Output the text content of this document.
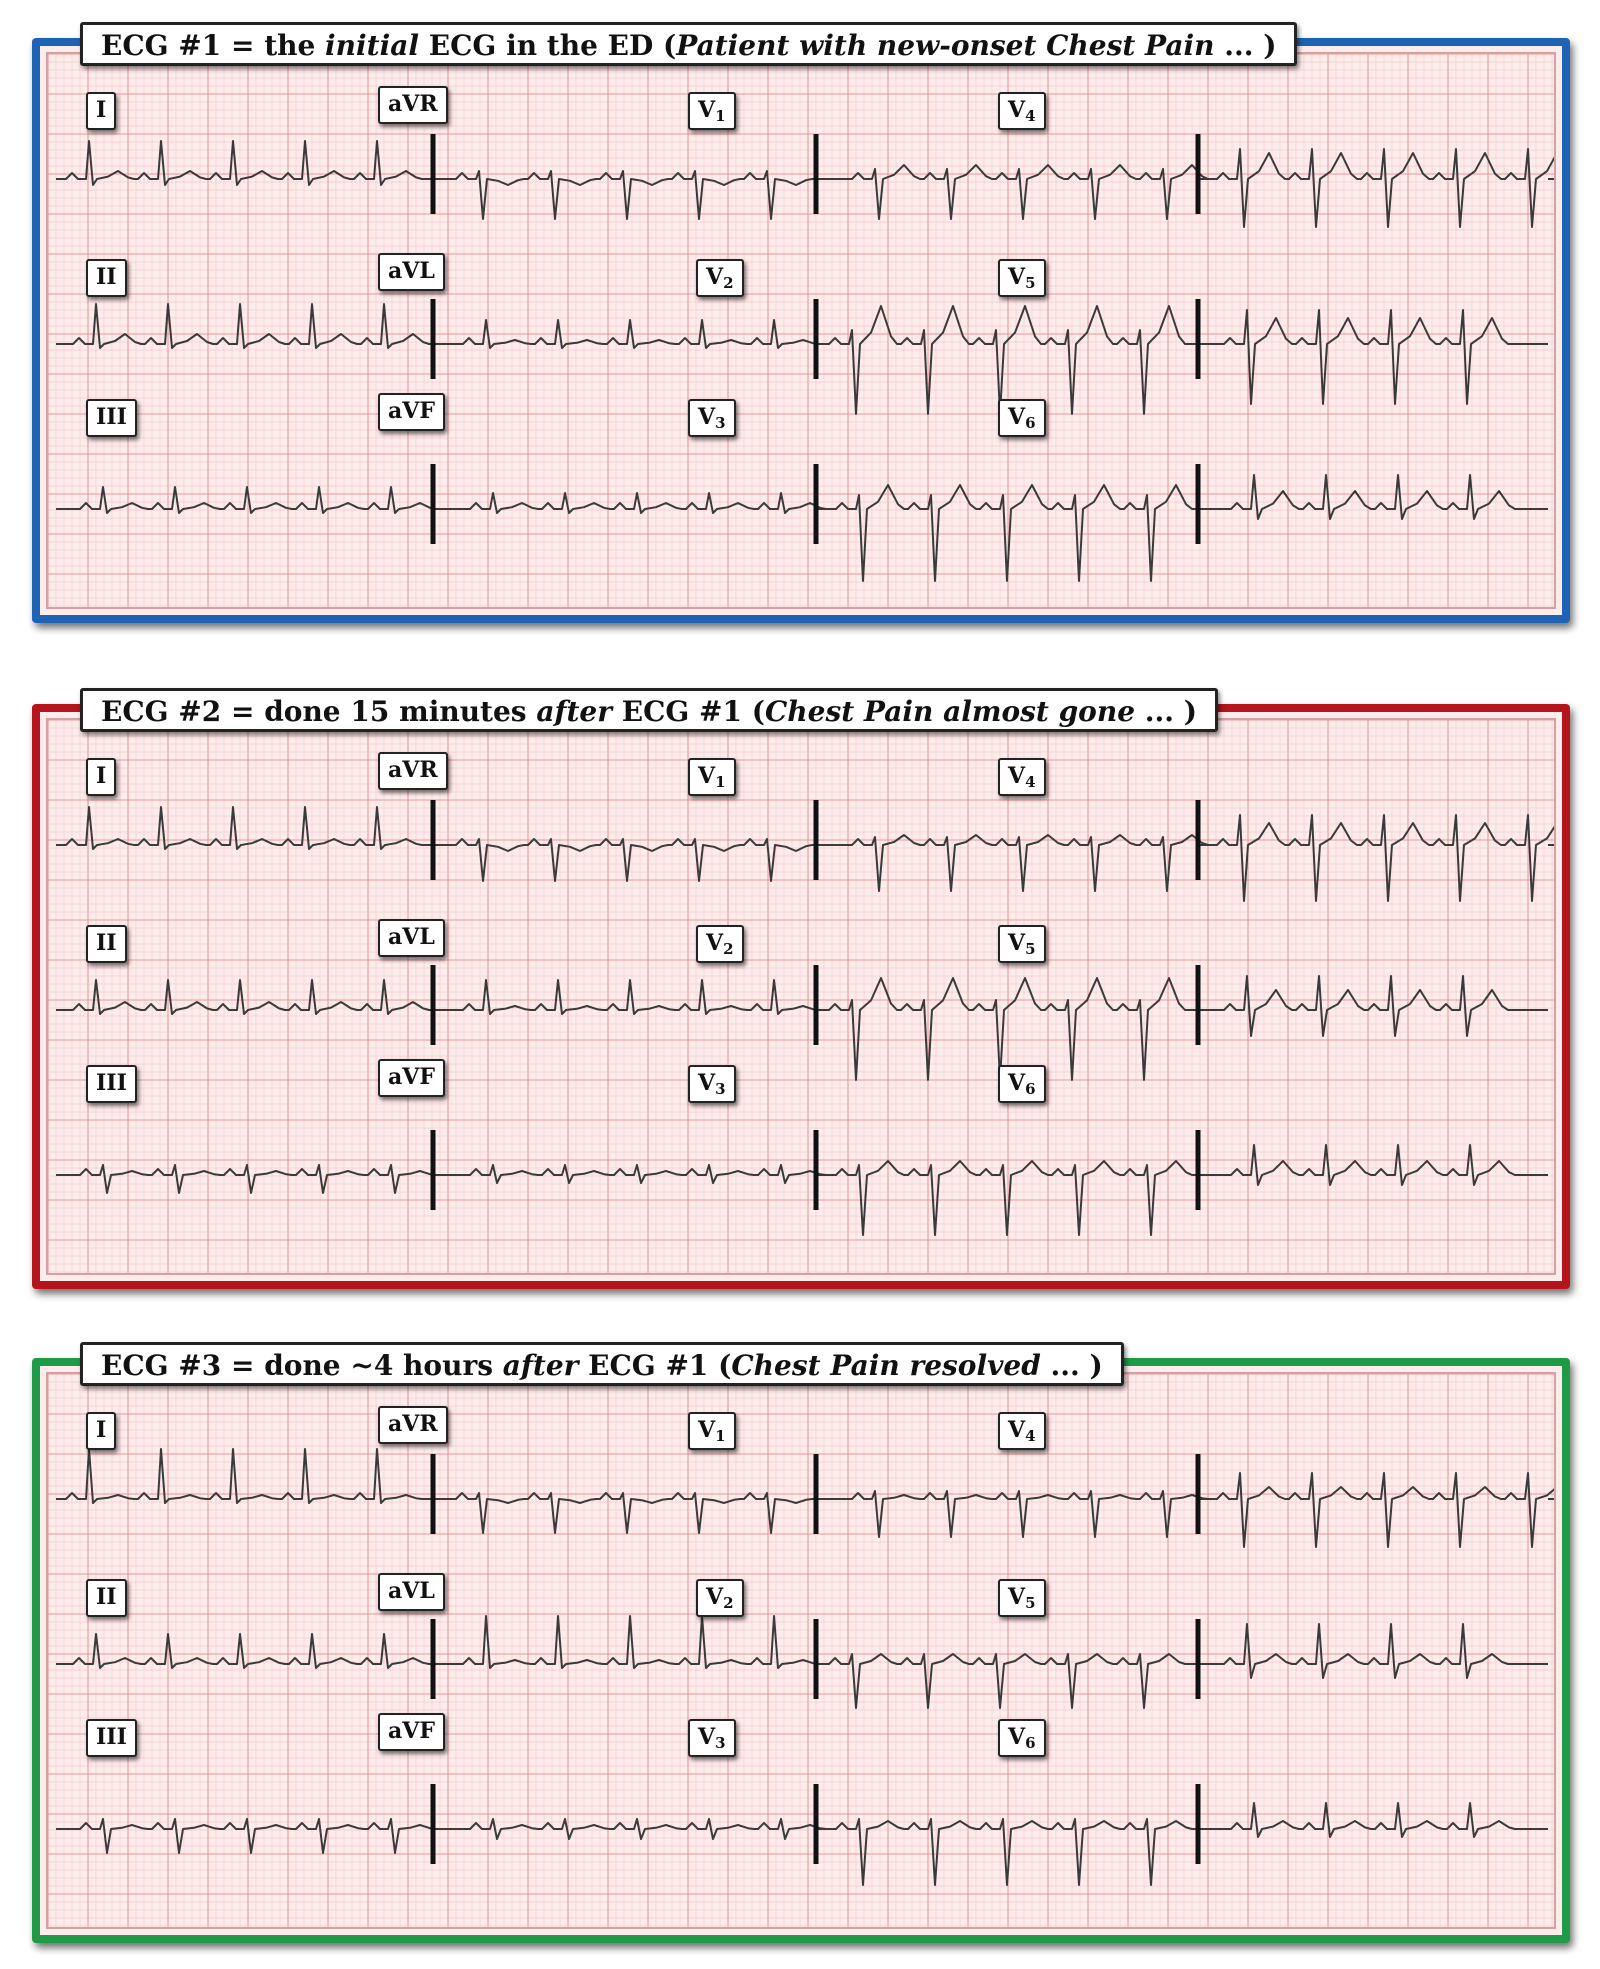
I	aVR	$V_1$	$V_4$
II	aVL	$V_2$	$V_5$
III	aVF	$V_3$	$V_6$
ECG #1 = the initial ECG in the ED (Patient with new-onset Chest Pain ... )
I	aVR	$V_1$	$V_4$
II	aVL	$V_2$	$V_5$
III	aVF	$V_3$	$V_6$
ECG #2 = done 15 minutes after ECG #1 (Chest Pain almost gone ... )
I	aVR	$V_1$	$V_4$
II	aVL	$V_2$	$V_5$
III	aVF	$V_3$	$V_6$
ECG #3 = done ~4 hours after ECG #1 (Chest Pain resolved ... )
